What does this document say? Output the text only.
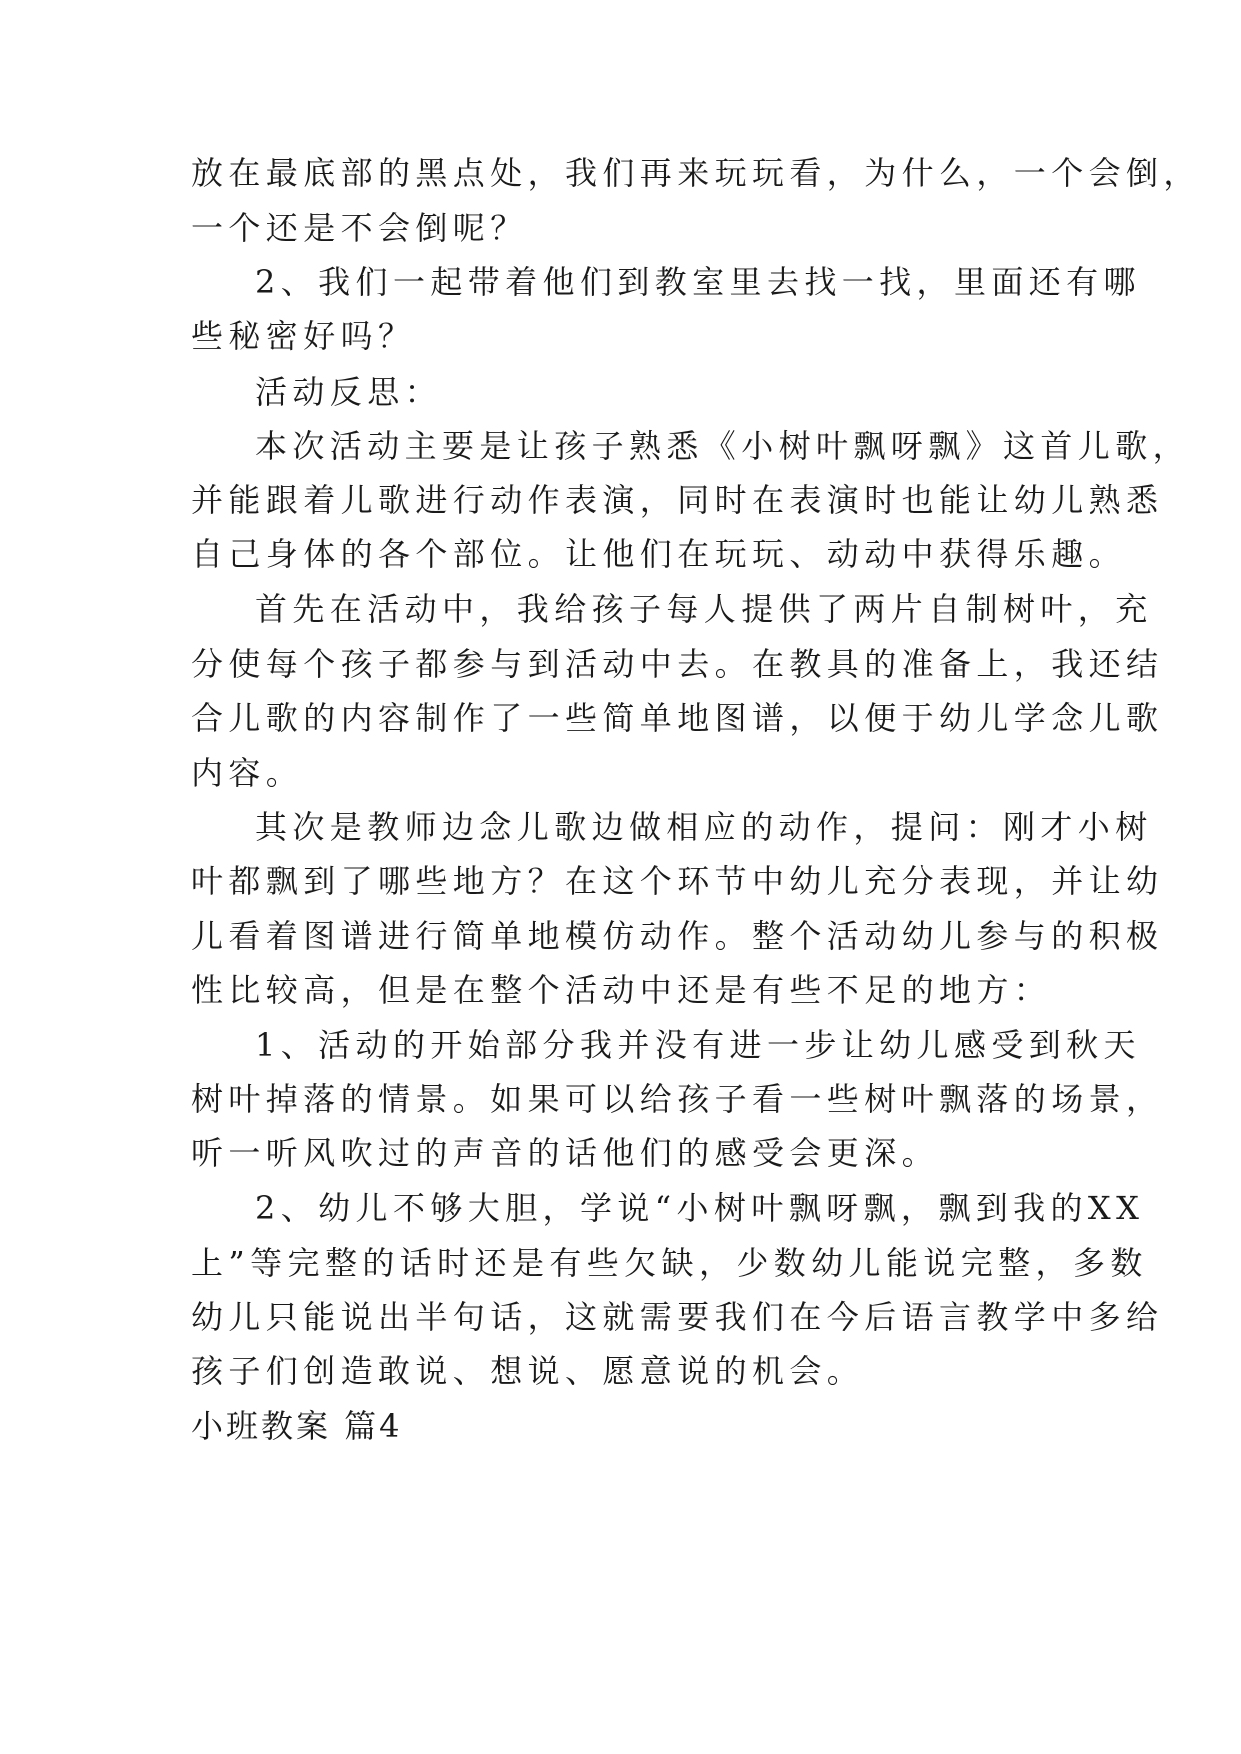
放在最底部的黑点处，我们再来玩玩看，为什么，一个会倒，
一个还是不会倒呢？
2、我们一起带着他们到教室里去找一找，里面还有哪
些秘密好吗？
活动反思：
本次活动主要是让孩子熟悉《小树叶飘呀飘》这首儿歌，
并能跟着儿歌进行动作表演，同时在表演时也能让幼儿熟悉
自己身体的各个部位。让他们在玩玩、动动中获得乐趣。
首先在活动中，我给孩子每人提供了两片自制树叶，充
分使每个孩子都参与到活动中去。在教具的准备上，我还结
合儿歌的内容制作了一些简单地图谱，以便于幼儿学念儿歌
内容。
其次是教师边念儿歌边做相应的动作，提问：刚才小树
叶都飘到了哪些地方？在这个环节中幼儿充分表现，并让幼
儿看着图谱进行简单地模仿动作。整个活动幼儿参与的积极
性比较高，但是在整个活动中还是有些不足的地方：
1、活动的开始部分我并没有进一步让幼儿感受到秋天
树叶掉落的情景。如果可以给孩子看一些树叶飘落的场景，
听一听风吹过的声音的话他们的感受会更深。
2、幼儿不够大胆，学说“小树叶飘呀飘，飘到我的XX
上”等完整的话时还是有些欠缺，少数幼儿能说完整，多数
幼儿只能说出半句话，这就需要我们在今后语言教学中多给
孩子们创造敢说、想说、愿意说的机会。
小班教案 篇4
